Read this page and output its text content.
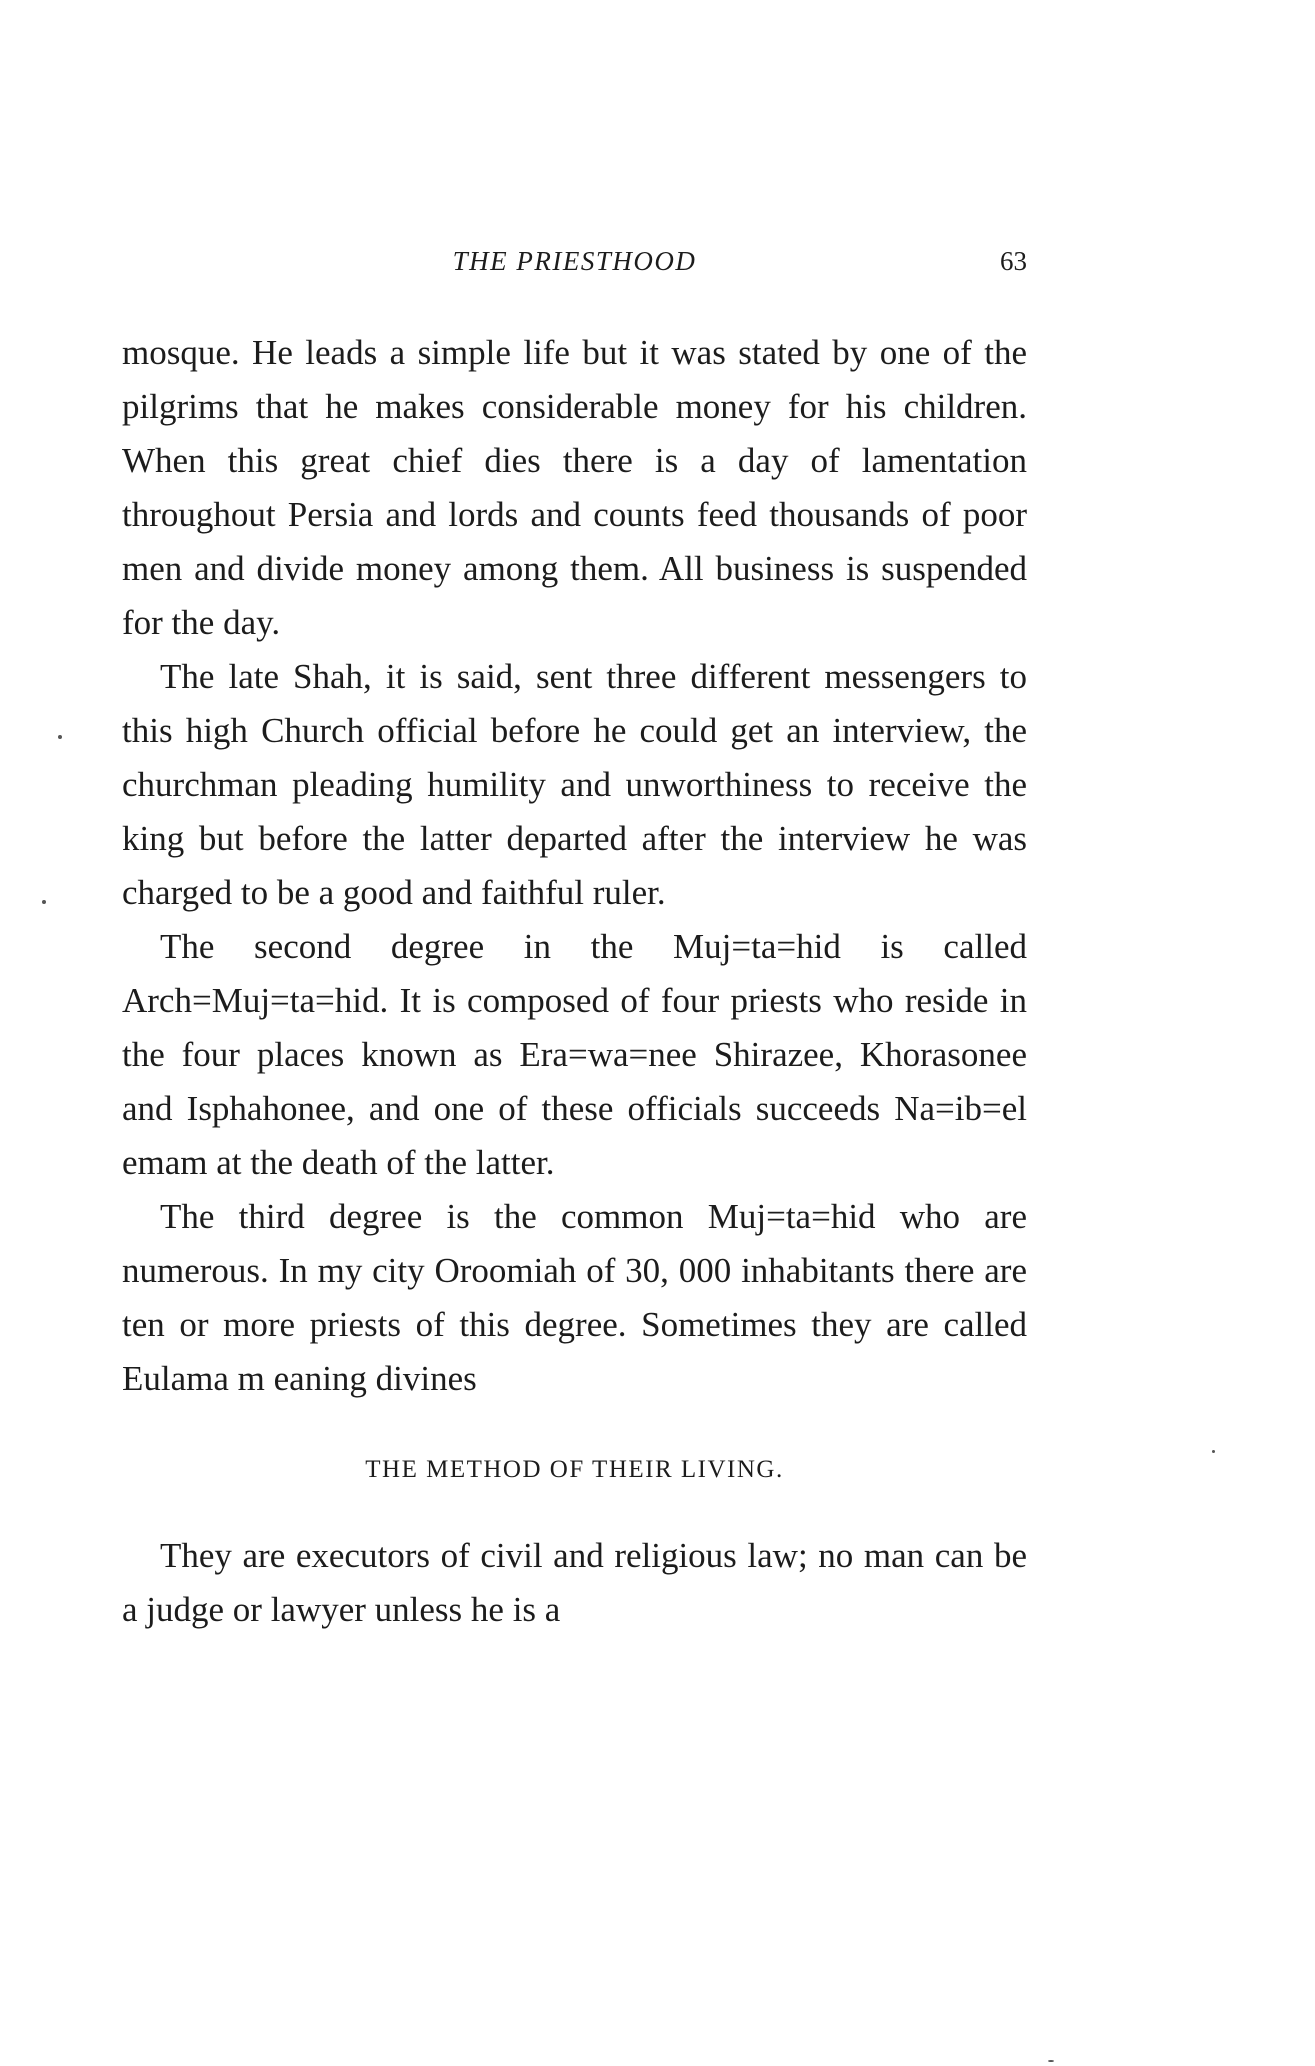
THE PRIESTHOOD	63

mosque. He leads a simple life but it was stated by one of the pilgrims that he makes considerable money for his children. When this great chief dies there is a day of lamentation throughout Persia and lords and counts feed thousands of poor men and divide money among them. All business is suspended for the day.

The late Shah, it is said, sent three different messengers to this high Church official before he could get an interview, the churchman pleading humility and unworthiness to receive the king but before the latter departed after the interview he was charged to be a good and faithful ruler.

The second degree in the Muj=ta=hid is called Arch=Muj=ta=hid. It is composed of four priests who reside in the four places known as Era=wa=nee Shirazee, Khorasonee and Isphahonee, and one of these officials succeeds Na=ib=el emam at the death of the latter.

The third degree is the common Muj=ta=hid who are numerous. In my city Oroomiah of 30, 000 inhabitants there are ten or more priests of this degree. Sometimes they are called Eulama m eaning divines

THE METHOD OF THEIR LIVING.

They are executors of civil and religious law; no man can be a judge or lawyer unless he is a
